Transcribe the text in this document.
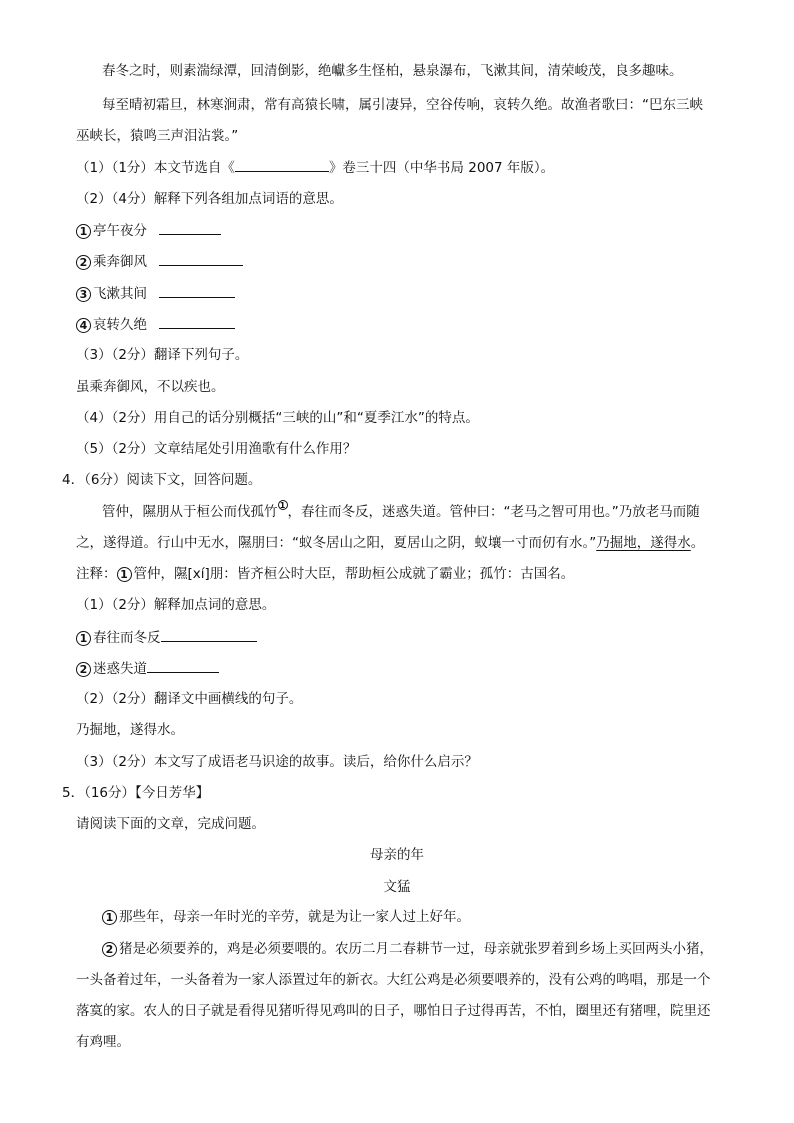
春冬之时，则素湍绿潭，回清倒影，绝巘多生怪柏，悬泉瀑布，飞漱其间，清荣峻茂，良多趣味。
每至晴初霜旦，林寒涧肃，常有高猿长啸，属引凄异，空谷传响，哀转久绝。故渔者歌曰：“巴东三峡
巫峡长，猿鸣三声泪沾裳。”
（1）（1分）本文节选自《	》卷三十四（中华书局 2007 年版）。
（2）（4分）解释下列各组加点词语的意思。
1 亭午夜分
2 乘奔御风
3 飞漱其间
4 哀转久绝
（3）（2分）翻译下列句子。
虽乘奔御风，不以疾也。
（4）（2分）用自己的话分别概括“三峡的山”和“夏季江水”的特点。
（5）（2分）文章结尾处引用渔歌有什么作用？
4．（6分）阅读下文，回答问题。
管仲，隰朋从于桓公而伐孤竹 1 ，春往而冬反，迷惑失道。管仲曰：“老马之智可用也。”乃放老马而随
之，遂得道。行山中无水，隰朋曰：“蚁冬居山之阳，夏居山之阴，蚁壤一寸而仞有水。”乃掘地，遂得水。
注释： 1 管仲，隰[xí]朋：皆齐桓公时大臣，帮助桓公成就了霸业；孤竹：古国名。
（1）（2分）解释加点词的意思。
1 春往而冬反
2 迷惑失道
（2）（2分）翻译文中画横线的句子。
乃掘地，遂得水。
（3）（2分）本文写了成语老马识途的故事。读后，给你什么启示？
5．（16分）【今日芳华】
请阅读下面的文章，完成问题。
母亲的年
文猛
1 那些年，母亲一年时光的辛劳，就是为让一家人过上好年。
2 猪是必须要养的，鸡是必须要喂的。农历二月二春耕节一过，母亲就张罗着到乡场上买回两头小猪，
一头备着过年，一头备着为一家人添置过年的新衣。大红公鸡是必须要喂养的，没有公鸡的鸣唱，那是一个
落寞的家。农人的日子就是看得见猪听得见鸡叫的日子，哪怕日子过得再苦，不怕，圈里还有猪哩，院里还
有鸡哩。
